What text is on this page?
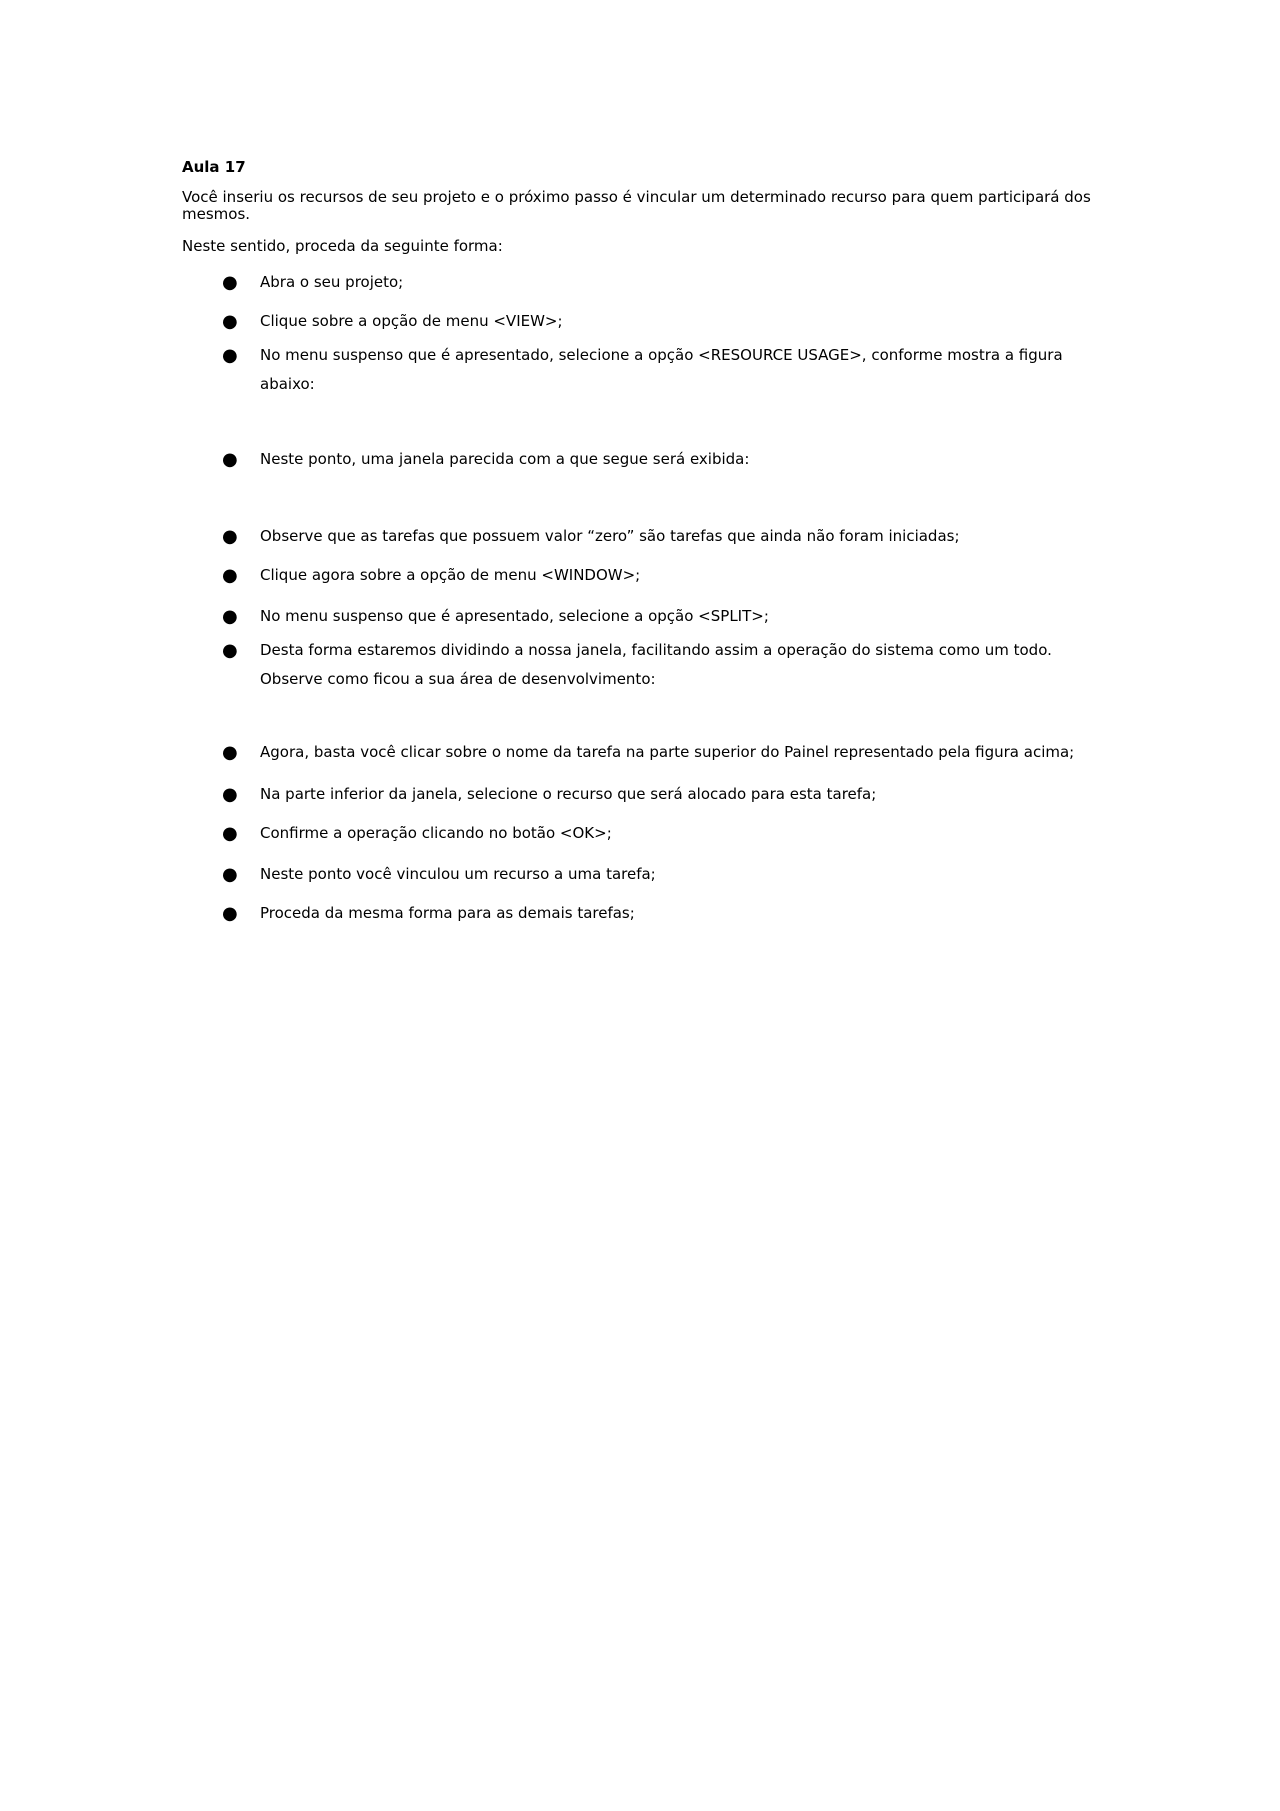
Aula 17
Você inseriu os recursos de seu projeto e o próximo passo é vincular um determinado recurso para quem participará dos mesmos.
Neste sentido, proceda da seguinte forma:
● Abra o seu projeto;
● Clique sobre a opção de menu <VIEW>;
● No menu suspenso que é apresentado, selecione a opção <RESOURCE USAGE>, conforme mostra a figura abaixo:
● Neste ponto, uma janela parecida com a que segue será exibida:
● Observe que as tarefas que possuem valor “zero” são tarefas que ainda não foram iniciadas;
● Clique agora sobre a opção de menu <WINDOW>;
● No menu suspenso que é apresentado, selecione a opção <SPLIT>;
● Desta forma estaremos dividindo a nossa janela, facilitando assim a operação do sistema como um todo. Observe como ficou a sua área de desenvolvimento:
● Agora, basta você clicar sobre o nome da tarefa na parte superior do Painel representado pela figura acima;
● Na parte inferior da janela, selecione o recurso que será alocado para esta tarefa;
● Confirme a operação clicando no botão <OK>;
● Neste ponto você vinculou um recurso a uma tarefa;
● Proceda da mesma forma para as demais tarefas;
